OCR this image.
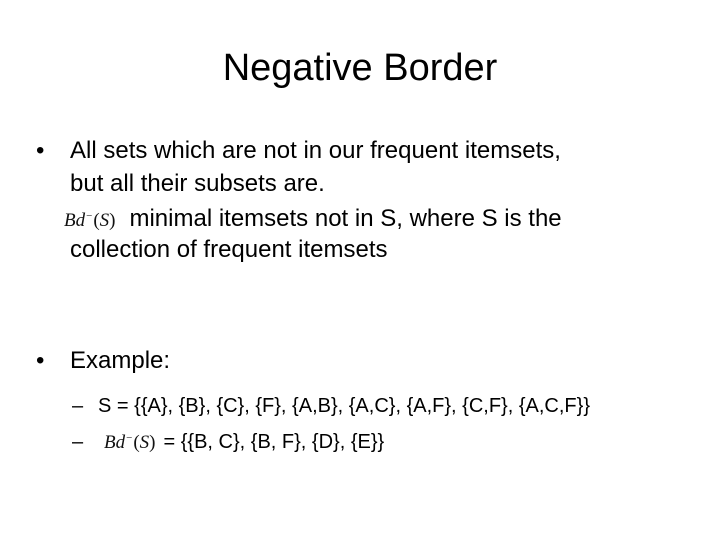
Negative Border
•	All sets which are not in our frequent itemsets,
but all their subsets are.
Bd−(S) minimal itemsets not in S, where S is the
collection of frequent itemsets
•	Example:
– S = {{A}, {B}, {C}, {F}, {A,B}, {A,C}, {A,F}, {C,F}, {A,C,F}}
– Bd−(S) = {{B, C}, {B, F}, {D}, {E}}
